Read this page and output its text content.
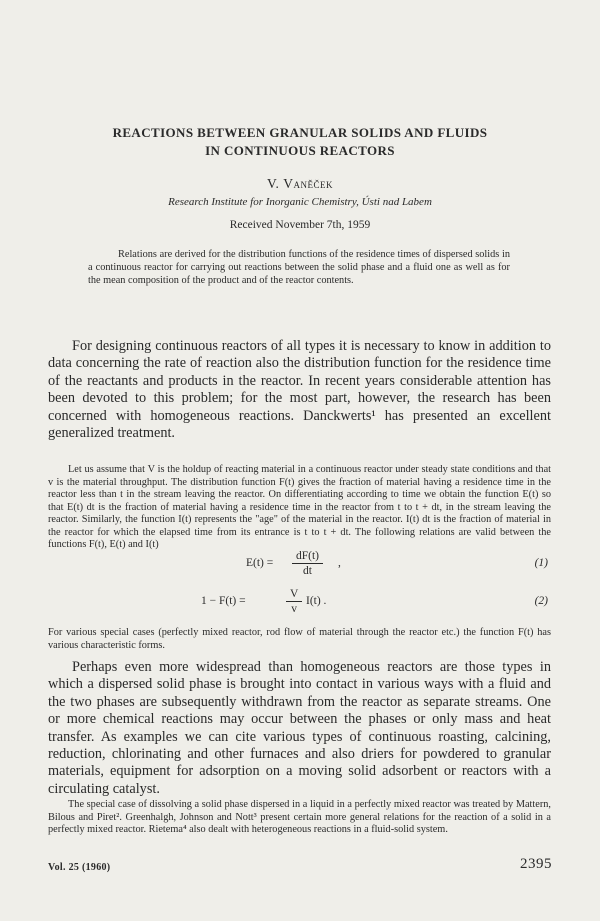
REACTIONS BETWEEN GRANULAR SOLIDS AND FLUIDS
IN CONTINUOUS REACTORS
V. Vaněček
Research Institute for Inorganic Chemistry, Ústi nad Labem
Received November 7th, 1959
Relations are derived for the distribution functions of the residence times of dispersed solids in a continuous reactor for carrying out reactions between the solid phase and a fluid one as well as for the mean composition of the product and of the reactor contents.
For designing continuous reactors of all types it is necessary to know in addition to data concerning the rate of reaction also the distribution function for the residence time of the reactants and products in the reactor. In recent years considerable attention has been devoted to this problem; for the most part, however, the research has been concerned with homogeneous reactions. Danckwerts¹ has presented an excellent generalized treatment.
Let us assume that V is the holdup of reacting material in a continuous reactor under steady state conditions and that v is the material throughput. The distribution function F(t) gives the fraction of material having a residence time in the reactor less than t in the stream leaving the reactor. On differentiating according to time we obtain the function E(t) so that E(t) dt is the fraction of material having a residence time in the reactor from t to t + dt, in the stream leaving the reactor. Similarly, the function I(t) represents the "age" of the material in the reactor. I(t) dt is the fraction of material in the reactor for which the elapsed time from its entrance is t to t + dt. The following relations are valid between the functions F(t), E(t) and I(t)
$E(t) = \frac{dF(t)}{dt}$ ,	(1)
1 − F(t) =	$\frac{V}{v} I(t)$ .	(2)
For various special cases (perfectly mixed reactor, rod flow of material through the reactor etc.) the function F(t) has various characteristic forms.
Perhaps even more widespread than homogeneous reactors are those types in which a dispersed solid phase is brought into contact in various ways with a fluid and the two phases are subsequently withdrawn from the reactor as separate streams. One or more chemical reactions may occur between the phases or only mass and heat transfer. As examples we can cite various types of continuous roasting, calcining, reduction, chlorinating and other furnaces and also driers for powdered to granular materials, equipment for adsorption on a moving solid adsorbent or reactors with a circulating catalyst.
The special case of dissolving a solid phase dispersed in a liquid in a perfectly mixed reactor was treated by Mattern, Bilous and Piret². Greenhalgh, Johnson and Nott³ present certain more general relations for the reaction of a solid in a perfectly mixed reactor. Rietema⁴ also dealt with heterogeneous reactions in a fluid-solid system.
Vol. 25 (1960)	2395
